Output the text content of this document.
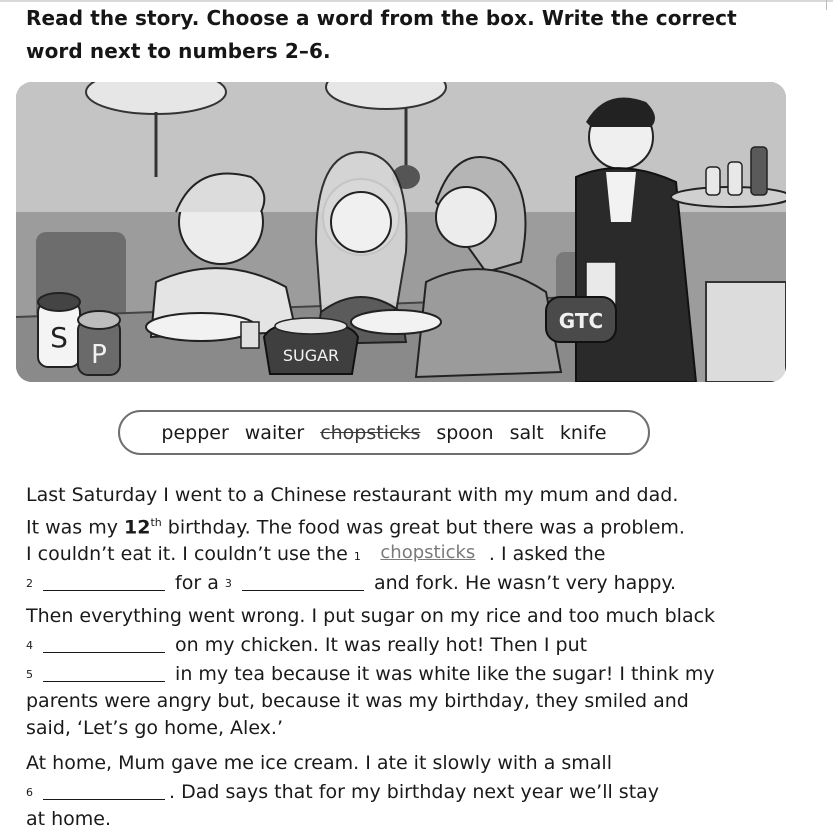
Read the story. Choose a word from the box. Write the correct
word next to numbers 2–6.
GTC
S
P	SUGAR
pepper waiter chopsticks spoon salt knife
Last Saturday I went to a Chinese restaurant with my mum and dad.
It was my 12th birthday. The food was great but there was a problem.
I couldn’t eat it. I couldn’t use the $^1$ chopsticks . I asked the
$^2$	for a $^3$	and fork. He wasn’t very happy.
Then everything went wrong. I put sugar on my rice and too much black
$^4$	on my chicken. It was really hot! Then I put
$^5$	in my tea because it was white like the sugar! I think my
parents were angry but, because it was my birthday, they smiled and
said, ‘Let’s go home, Alex.’
At home, Mum gave me ice cream. I ate it slowly with a small
$^6$	. Dad says that for my birthday next year we’ll stay
at home.
